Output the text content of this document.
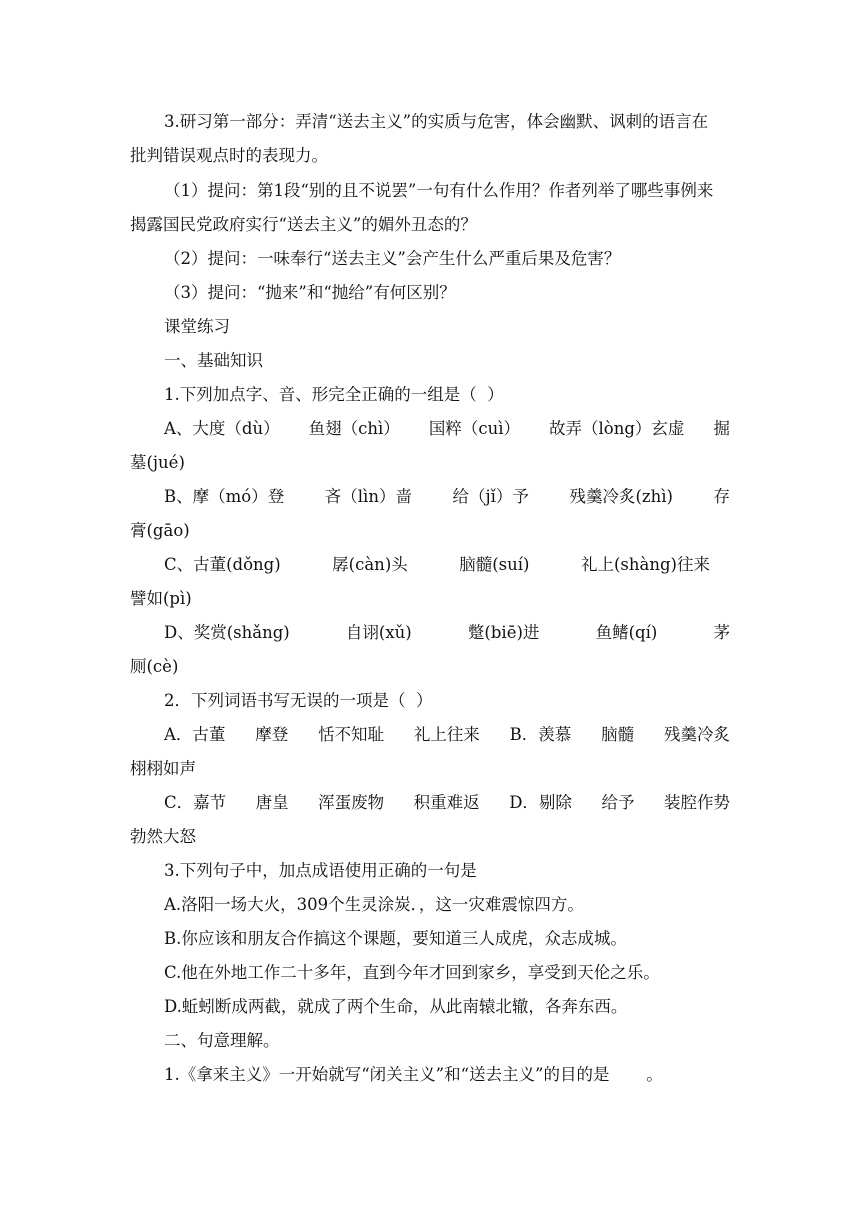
3.研习第一部分：弄清“送去主义”的实质与危害，体会幽默、讽刺的语言在
批判错误观点时的表现力。
（1）提问：第1段“别的且不说罢”一句有什么作用？作者列举了哪些事例来
揭露国民党政府实行“送去主义”的媚外丑态的？
（2）提问：一味奉行“送去主义”会产生什么严重后果及危害？
（3）提问：“抛来”和“抛给”有何区别？
课堂练习
一、基础知识
1.下列加点字、音、形完全正确的一组是（  ）
A、大度（dù） 鱼翅（chì） 国粹（cuì） 故弄（lòng）玄虚 掘
墓(jué)
B、摩（mó）登 吝（lìn）啬 给（jǐ）予 残羹冷炙(zhì) 存
膏(gāo)
C、古董(dǒng)	孱(càn)头	脑髓(suí)	礼上(shàng)往来
譬如(pì)
D、奖赏(shǎng)	自诩(xǔ)	蹩(biē)进	鱼鳍(qí)	茅
厕(cè)
2．下列词语书写无误的一项是（  ）
A．古董 摩登 恬不知耻 礼上往来 B．羡慕 脑髓 残羹冷炙
栩栩如声
C．嘉节 唐皇 浑蛋废物 积重难返 D．剔除 给予 装腔作势
勃然大怒
3.下列句子中，加点成语使用正确的一句是
A.洛阳一场大火，309个生灵涂炭．，这一灾难震惊四方。
B.你应该和朋友合作搞这个课题，要知道三人成虎，众志成城。
C.他在外地工作二十多年，直到今年才回到家乡，享受到天伦之乐。
D.蚯蚓断成两截，就成了两个生命，从此南辕北辙，各奔东西。
二、句意理解。
1.《拿来主义》一开始就写“闭关主义”和“送去主义”的目的是       。
